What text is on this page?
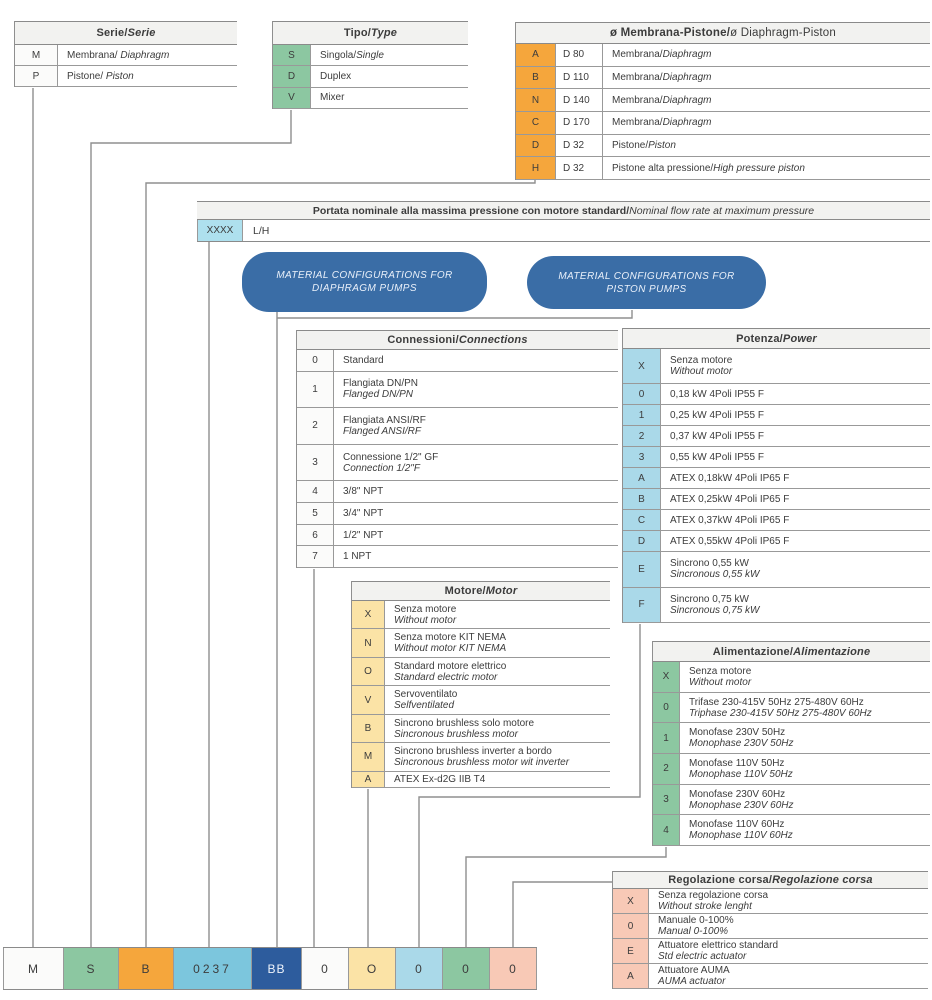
Serie/ Serie
M	Membrana/ Diaphragm
P	Pistone/ Piston
Tipo/ Type
S	Singola/Single
D	Duplex
V	Mixer
ø Membrana-Pistone/ ø Diaphragm-Piston
A	D 80	Membrana/Diaphragm
B	D 110	Membrana/Diaphragm
N	D 140	Membrana/Diaphragm
C	D 170	Membrana/Diaphragm
D	D 32	Pistone/Piston
H	D 32	Pistone alta pressione/High pressure piston
Portata nominale alla massima pressione con motore standard/ Nominal flow rate at maximum pressure
XXXX	L/H
MATERIAL CONFIGURATIONS FOR DIAPHRAGM PUMPS
MATERIAL CONFIGURATIONS FOR PISTON PUMPS
Connessioni/ Connections
0	Standard
1	Flangiata DN/PN
Flanged DN/PN
2	Flangiata ANSI/RF
Flanged ANSI/RF
3	Connessione 1/2" GF
Connection 1/2"F
4	3/8" NPT
5	3/4" NPT
6	1/2" NPT
7	1 NPT
Potenza/ Power
X	Senza motore
Without motor
0	0,18 kW 4Poli IP55 F
1	0,25 kW 4Poli IP55 F
2	0,37 kW 4Poli IP55 F
3	0,55 kW 4Poli IP55 F
A	ATEX 0,18kW 4Poli IP65 F
B	ATEX 0,25kW 4Poli IP65 F
C	ATEX 0,37kW 4Poli IP65 F
D	ATEX 0,55kW 4Poli IP65 F
E	Sincrono 0,55 kW
Sincronous 0,55 kW
F	Sincrono 0,75 kW
Sincronous 0,75 kW
Motore/ Motor
X	Senza motore
Without motor
N	Senza motore KIT NEMA
Without motor KIT NEMA
O	Standard motore elettrico
Standard electric motor
V	Servoventilato
Selfventilated
B	Sincrono brushless solo motore
Sincronous brushless motor
M	Sincrono brushless inverter a bordo
Sincronous brushless motor wit inverter
A	ATEX Ex-d2G IIB T4
Alimentazione/ Alimentazione
X	Senza motore
Without motor
0	Trifase 230-415V 50Hz 275-480V 60Hz
Triphase 230-415V 50Hz 275-480V 60Hz
1	Monofase 230V 50Hz
Monophase 230V 50Hz
2	Monofase 110V 50Hz
Monophase 110V 50Hz
3	Monofase 230V 60Hz
Monophase 230V 60Hz
4	Monofase 110V 60Hz
Monophase 110V 60Hz
Regolazione corsa/ Regolazione corsa
X	Senza regolazione corsa
Without stroke lenght
0	Manuale 0-100%
Manual 0-100%
E	Attuatore elettrico standard
Std electric actuator
A	Attuatore AUMA
AUMA actuator
M	S	B	0237	BB	0	O	0	0	0
